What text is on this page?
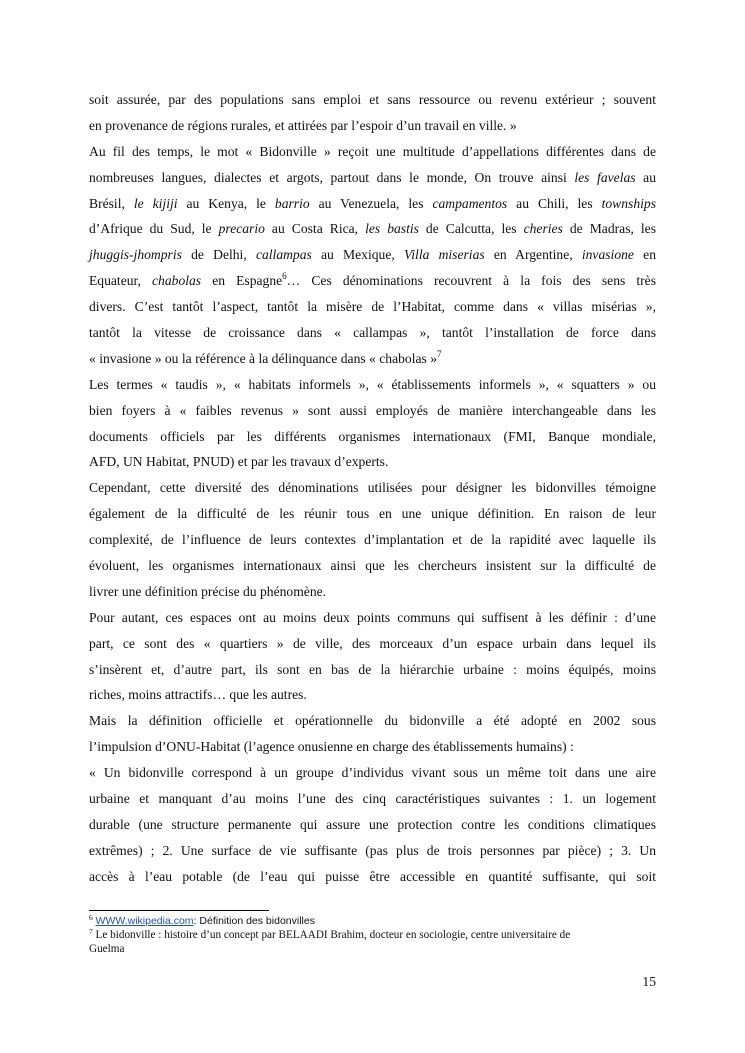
soit assurée, par des populations sans emploi et sans ressource ou revenu extérieur ; souvent
en provenance de régions rurales, et attirées par l’espoir d’un travail en ville. »
Au fil des temps, le mot « Bidonville » reçoit une multitude d’appellations différentes dans de
nombreuses langues, dialectes et argots, partout dans le monde, On trouve ainsi les favelas au
Brésil, le kijiji au Kenya, le barrio au Venezuela, les campamentos au Chili, les townships
d’Afrique du Sud, le precario au Costa Rica, les bastis de Calcutta, les cheries de Madras, les
jhuggis-jhompris de Delhi, callampas au Mexique, Villa miserias en Argentine, invasione en
Equateur, chabolas en Espagne$^6$… Ces dénominations recouvrent à la fois des sens très
divers. C’est tantôt l’aspect, tantôt la misère de l’Habitat, comme dans « villas misérias »,
tantôt la vitesse de croissance dans « callampas », tantôt l’installation de force dans
« invasione » ou la référence à la délinquance dans « chabolas »$^7$
Les termes « taudis », « habitats informels », « établissements informels », « squatters » ou
bien foyers à « faibles revenus » sont aussi employés de manière interchangeable dans les
documents officiels par les différents organismes internationaux (FMI, Banque mondiale,
AFD, UN Habitat, PNUD) et par les travaux d’experts.
Cependant, cette diversité des dénominations utilisées pour désigner les bidonvilles témoigne
également de la difficulté de les réunir tous en une unique définition. En raison de leur
complexité, de l’influence de leurs contextes d’implantation et de la rapidité avec laquelle ils
évoluent, les organismes internationaux ainsi que les chercheurs insistent sur la difficulté de
livrer une définition précise du phénomène.
Pour autant, ces espaces ont au moins deux points communs qui suffisent à les définir : d’une
part, ce sont des « quartiers » de ville, des morceaux d’un espace urbain dans lequel ils
s’insèrent et, d’autre part, ils sont en bas de la hiérarchie urbaine : moins équipés, moins
riches, moins attractifs… que les autres.
Mais la définition officielle et opérationnelle du bidonville a été adopté en 2002 sous
l’impulsion d’ONU-Habitat (l’agence onusienne en charge des établissements humains) :
« Un bidonville correspond à un groupe d’individus vivant sous un même toit dans une aire
urbaine et manquant d’au moins l’une des cinq caractéristiques suivantes : 1. un logement
durable (une structure permanente qui assure une protection contre les conditions climatiques
extrêmes) ; 2. Une surface de vie suffisante (pas plus de trois personnes par pièce) ; 3. Un
accès à l’eau potable (de l’eau qui puisse être accessible en quantité suffisante, qui soit
$^6$ WWW.wikipedia.com: Définition des bidonvilles
$^7$ Le bidonville : histoire d’un concept par BELAADI Brahim, docteur en sociologie, centre universitaire de
Guelma
15
